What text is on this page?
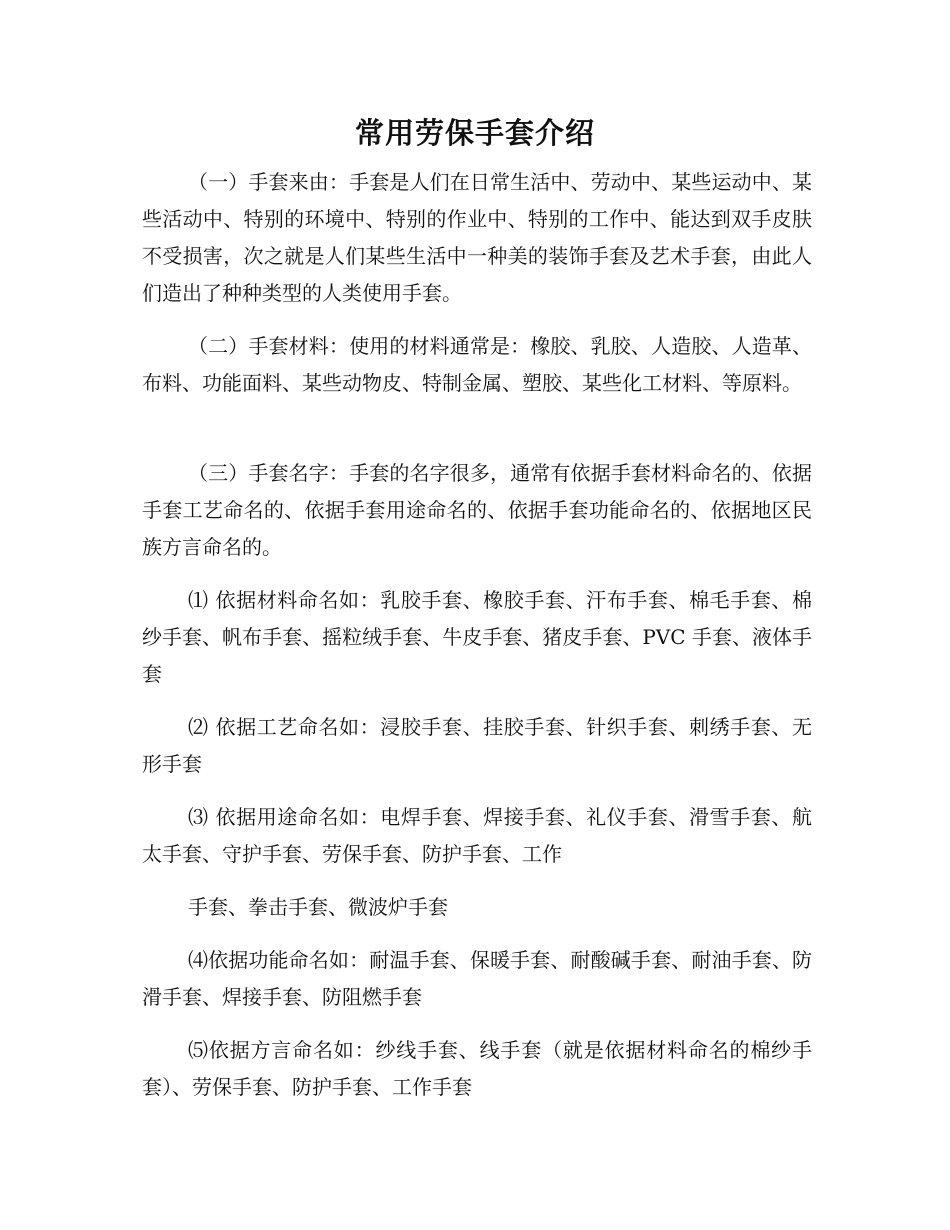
常用劳保手套介绍
（一）手套来由：手套是人们在日常生活中、劳动中、某些运动中、某些活动中、特别的环境中、特别的作业中、特别的工作中、能达到双手皮肤不受损害，次之就是人们某些生活中一种美的装饰手套及艺术手套，由此人们造出了种种类型的人类使用手套。
（二）手套材料：使用的材料通常是：橡胶、乳胶、人造胶、人造革、布料、功能面料、某些动物皮、特制金属、塑胶、某些化工材料、等原料。
（三）手套名字：手套的名字很多，通常有依据手套材料命名的、依据手套工艺命名的、依据手套用途命名的、依据手套功能命名的、依据地区民族方言命名的。
⑴ 依据材料命名如：乳胶手套、橡胶手套、汗布手套、棉毛手套、棉纱手套、帆布手套、摇粒绒手套、牛皮手套、猪皮手套、PVC 手套、液体手套
⑵ 依据工艺命名如：浸胶手套、挂胶手套、针织手套、刺绣手套、无形手套
⑶ 依据用途命名如：电焊手套、焊接手套、礼仪手套、滑雪手套、航太手套、守护手套、劳保手套、防护手套、工作
手套、拳击手套、微波炉手套
⑷依据功能命名如：耐温手套、保暖手套、耐酸碱手套、耐油手套、防滑手套、焊接手套、防阻燃手套
⑸依据方言命名如：纱线手套、线手套（就是依据材料命名的棉纱手套）、劳保手套、防护手套、工作手套
